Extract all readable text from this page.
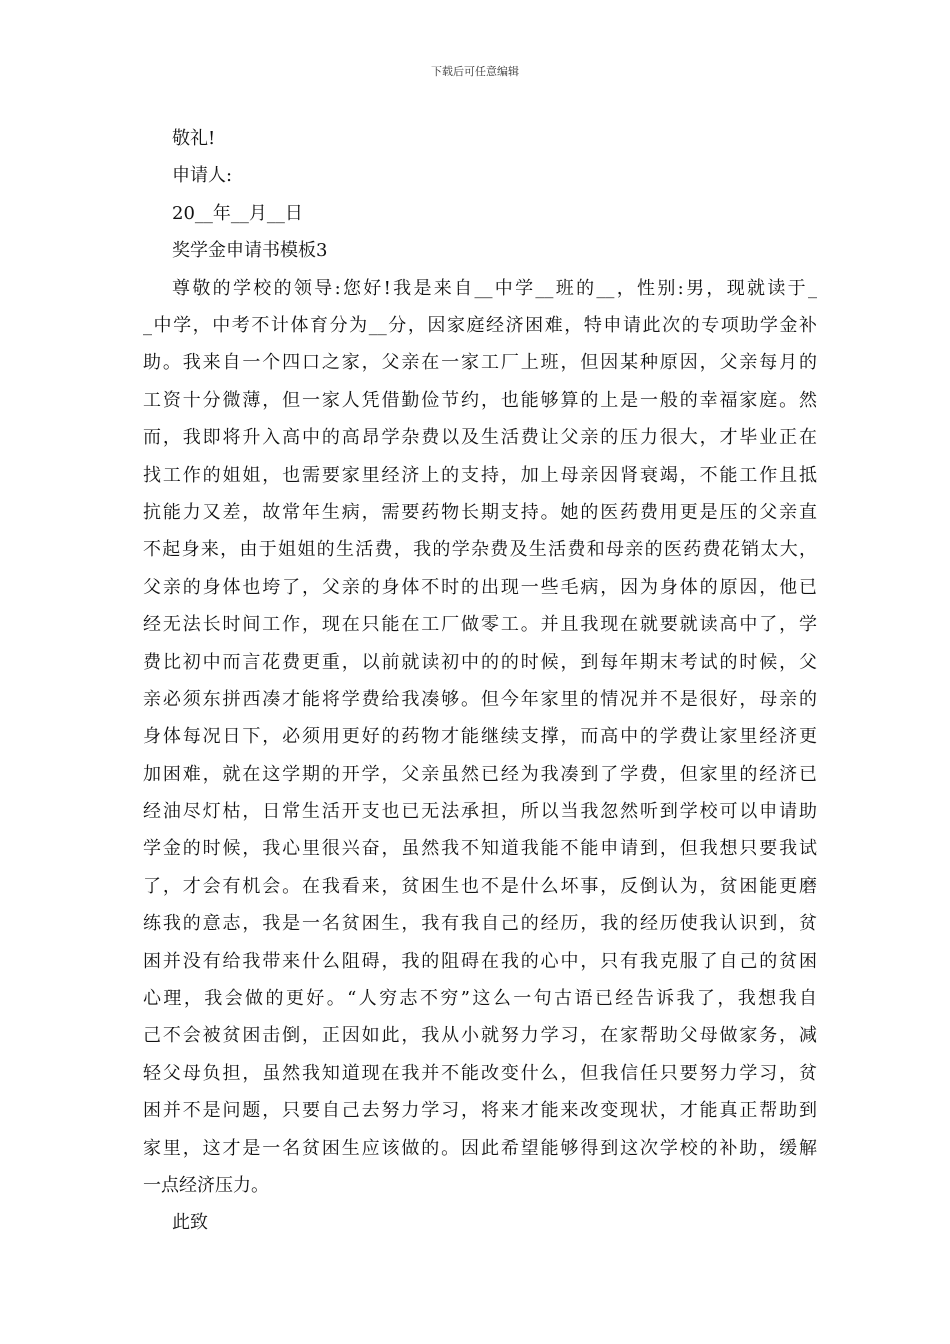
下载后可任意编辑

敬礼!

申请人:

20__年__月__日

奖学金申请书模板3

尊敬的学校的领导:您好!我是来自__中学__班的__，性别:男，现就读于_
_中学，中考不计体育分为__分，因家庭经济困难，特申请此次的专项助学金补
助。我来自一个四口之家，父亲在一家工厂上班，但因某种原因，父亲每月的
工资十分微薄，但一家人凭借勤俭节约，也能够算的上是一般的幸福家庭。然
而，我即将升入高中的高昂学杂费以及生活费让父亲的压力很大，才毕业正在
找工作的姐姐，也需要家里经济上的支持，加上母亲因肾衰竭，不能工作且抵
抗能力又差，故常年生病，需要药物长期支持。她的医药费用更是压的父亲直
不起身来，由于姐姐的生活费，我的学杂费及生活费和母亲的医药费花销太大，
父亲的身体也垮了，父亲的身体不时的出现一些毛病，因为身体的原因，他已
经无法长时间工作，现在只能在工厂做零工。并且我现在就要就读高中了，学
费比初中而言花费更重，以前就读初中的的时候，到每年期末考试的时候，父
亲必须东拼西凑才能将学费给我凑够。但今年家里的情况并不是很好，母亲的
身体每况日下，必须用更好的药物才能继续支撑，而高中的学费让家里经济更
加困难，就在这学期的开学，父亲虽然已经为我凑到了学费，但家里的经济已
经油尽灯枯，日常生活开支也已无法承担，所以当我忽然听到学校可以申请助
学金的时候，我心里很兴奋，虽然我不知道我能不能申请到，但我想只要我试
了，才会有机会。在我看来，贫困生也不是什么坏事，反倒认为，贫困能更磨
练我的意志，我是一名贫困生，我有我自己的经历，我的经历使我认识到，贫
困并没有给我带来什么阻碍，我的阻碍在我的心中，只有我克服了自己的贫困
心理，我会做的更好。“人穷志不穷”这么一句古语已经告诉我了，我想我自
己不会被贫困击倒，正因如此，我从小就努力学习，在家帮助父母做家务，减
轻父母负担，虽然我知道现在我并不能改变什么，但我信任只要努力学习，贫
困并不是问题，只要自己去努力学习，将来才能来改变现状，才能真正帮助到
家里，这才是一名贫困生应该做的。因此希望能够得到这次学校的补助，缓解
一点经济压力。

此致
